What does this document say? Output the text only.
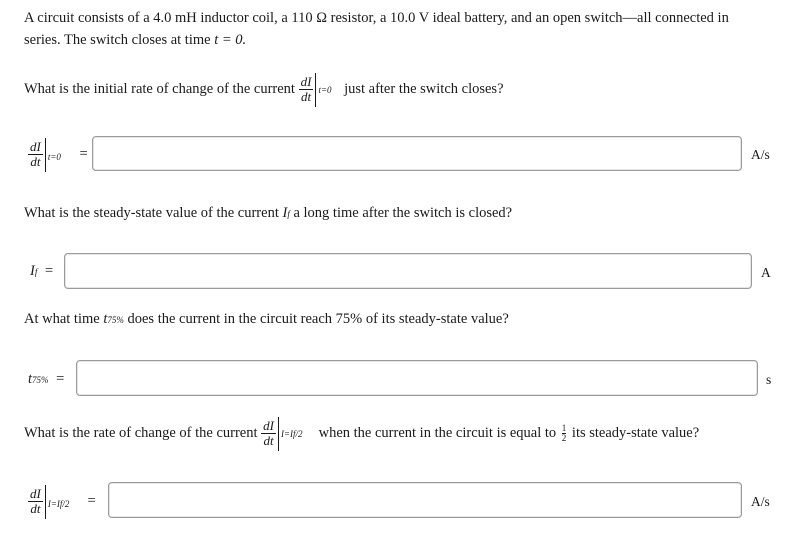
A circuit consists of a 4.0 mH inductor coil, a 110 Ω resistor, a 10.0 V ideal battery, and an open switch—all connected in
series. The switch closes at time t = 0.
What is the initial rate of change of the current $\frac{dI}{dt} t=0$ just after the switch closes?
$\frac{dI}{dt} t=0$ =	A/s
What is the steady-state value of the current If a long time after the switch is closed?
If =	A
At what time t75% does the current in the circuit reach 75% of its steady-state value?
t75% =	s
What is the rate of change of the current $\frac{dI}{dt} I=If/2$ when the current in the circuit is equal to $\frac{1}{2}$ its steady-state value?
$\frac{dI}{dt} I=If/2$ =	A/s
